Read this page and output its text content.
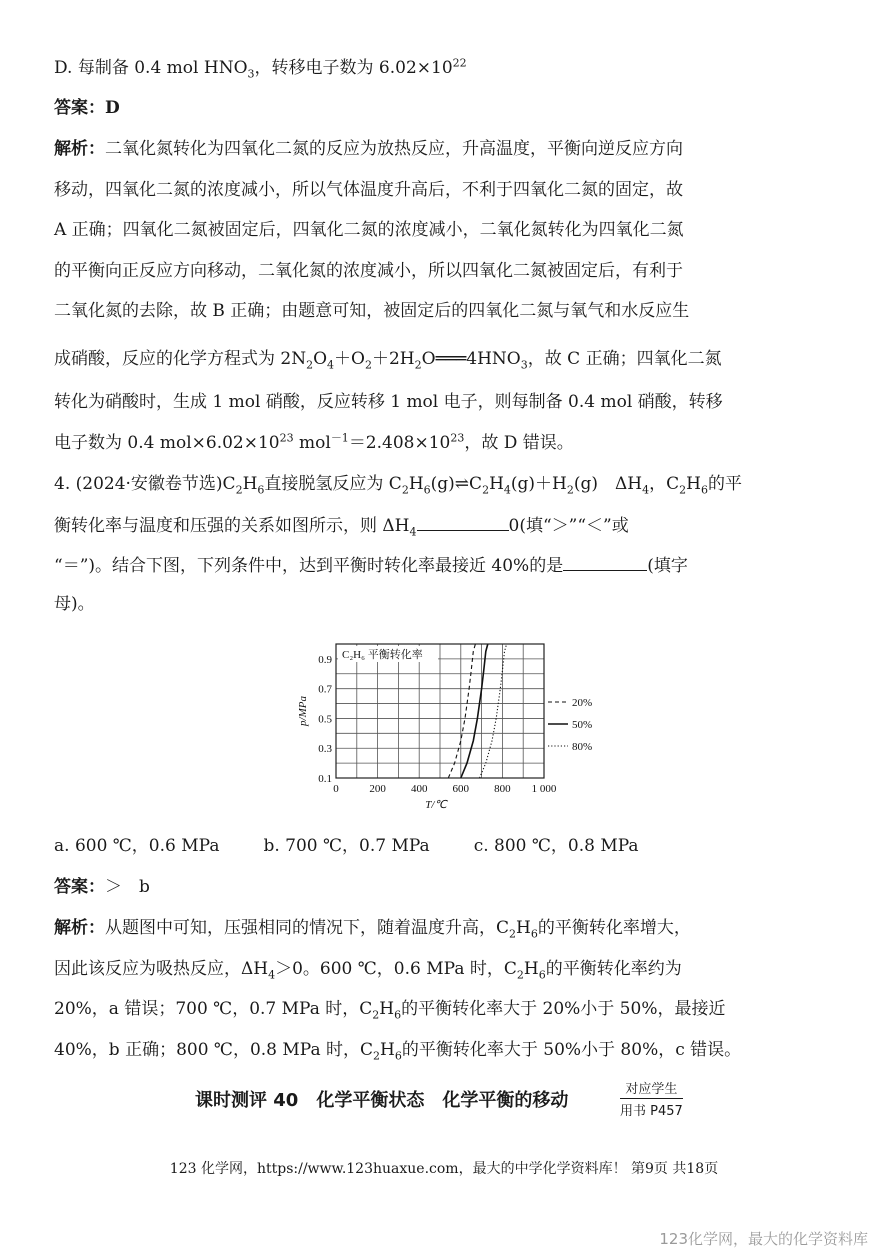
D. 每制备 0.4 mol $HNO_3$，转移电子数为 $6.02\times 10^{22}$
答案：D
解析：二氧化氮转化为四氧化二氮的反应为放热反应，升高温度，平衡向逆反应方向
移动，四氧化二氮的浓度减小，所以气体温度升高后，不利于四氧化二氮的固定，故
A 正确；四氧化二氮被固定后，四氧化二氮的浓度减小，二氧化氮转化为四氧化二氮
的平衡向正反应方向移动，二氧化氮的浓度减小，所以四氧化二氮被固定后，有利于
二氧化氮的去除，故 B 正确；由题意可知，被固定后的四氧化二氮与氧气和水反应生
成硝酸，反应的化学方程式为 $2N_2O_4+O_2+2H_2O═══4HNO_3$，故 C 正确；四氧化二氮
转化为硝酸时，生成 1 mol 硝酸，反应转移 1 mol 电子，则每制备 0.4 mol 硝酸，转移
电子数为 0.4 $mol\times 6.02\times 10^{23}$ $mol^{-1}=2.408\times 10^{23}$，故 D 错误。
4. (2024·安徽卷节选)$C_2H_6$直接脱氢反应为 $C_2H_6(g)\rightleftharpoons C_2H_4(g)+H_2(g)$　$\Delta H_4$，$C_2H_6$的平
衡转化率与温度和压强的关系如图所示，则 $\Delta H_4$	0(填“＞”“＜”或
“＝”)。结合下图，下列条件中，达到平衡时转化率最接近 40%的是	(填字
母)。
C₂H₆ 平衡转化率
0	200 400 600 800 1 000
0.1
0.3
0.5
0.7
0.9
T/℃
p/MPa	20%
50%
80%
a. 600 ℃，0.6 MPa	b. 700 ℃，0.7 MPa	c. 800 ℃，0.8 MPa
答案：＞　b
解析：从题图中可知，压强相同的情况下，随着温度升高，$C_2H_6$的平衡转化率增大，
因此该反应为吸热反应，$\Delta H_4>0$。600 ℃，0.6 MPa 时，$C_2H_6$的平衡转化率约为
20%，a 错误；700 ℃，0.7 MPa 时，$C_2H_6$的平衡转化率大于 20%小于 50%，最接近
40%，b 正确；800 ℃，0.8 MPa 时，$C_2H_6$的平衡转化率大于 50%小于 80%，c 错误。
课时测评 40　化学平衡状态　化学平衡的移动
对应学生
用书 P457
123 化学网，https://www.123huaxue.com，最大的中学化学资料库！ 第9页 共18页
123化学网，最大的化学资料库
